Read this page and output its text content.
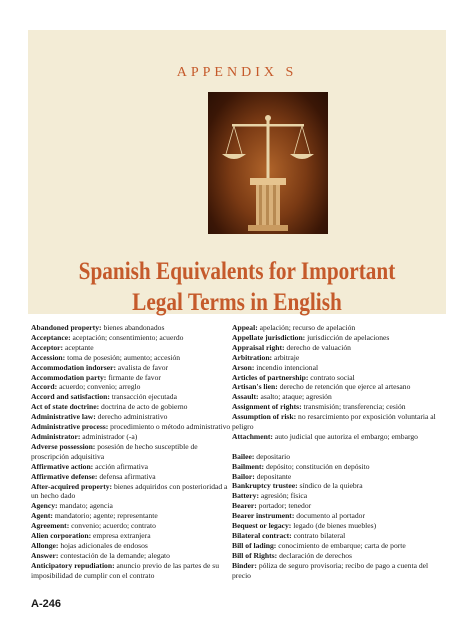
APPENDIX S
Spanish Equivalents for Important
Legal Terms in English

Abandoned property: bienes abandonados

Acceptance: aceptación; consentimiento; acuerdo

Acceptor: aceptante

Accession: toma de posesión; aumento; accesión

Accommodation indorser: avalista de favor

Accommodation party: firmante de favor

Accord: acuerdo; convenio; arreglo

Accord and satisfaction: transacción ejecutada

Act of state doctrine: doctrina de acto de gobierno

Administrative law: derecho administrativo

Administrative process: procedimiento o método administrativo

Administrator: administrador (-a)

Adverse possession: posesión de hecho susceptible de proscripción adquisitiva

Affirmative action: acción afirmativa

Affirmative defense: defensa afirmativa

After-acquired property: bienes adquiridos con posterioridad a un hecho dado

Agency: mandato; agencia

Agent: mandatorio; agente; representante

Agreement: convenio; acuerdo; contrato

Alien corporation: empresa extranjera

Allonge: hojas adicionales de endosos

Answer: contestación de la demande; alegato

Anticipatory repudiation: anuncio previo de las partes de su imposibilidad de cumplir con el contrato

Appeal: apelación; recurso de apelación

Appellate jurisdiction: jurisdicción de apelaciones

Appraisal right: derecho de valuación

Arbitration: arbitraje

Arson: incendio intencional

Articles of partnership: contrato social

Artisan's lien: derecho de retención que ejerce al artesano

Assault: asalto; ataque; agresión

Assignment of rights: transmisión; transferencia; cesión

Assumption of risk: no resarcimiento por exposición voluntaria al peligro

Attachment: auto judicial que autoriza el embargo; embargo

Bailee: depositario

Bailment: depósito; constitución en depósito

Bailor: depositante

Bankruptcy trustee: síndico de la quiebra

Battery: agresión; física

Bearer: portador; tenedor

Bearer instrument: documento al portador

Bequest or legacy: legado (de bienes muebles)

Bilateral contract: contrato bilateral

Bill of lading: conocimiento de embarque; carta de porte

Bill of Rights: declaración de derechos

Binder: póliza de seguro provisoria; recibo de pago a cuenta del precio

A-246
